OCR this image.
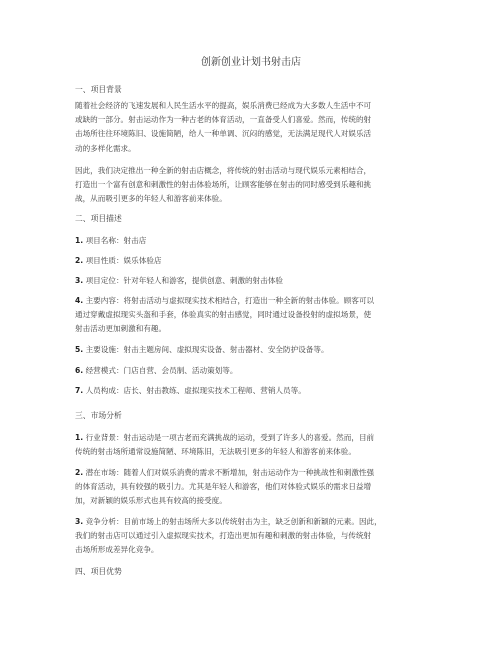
创新创业计划书射击店
一、项目背景
随着社会经济的飞速发展和人民生活水平的提高，娱乐消费已经成为大多数人生活中不可
或缺的一部分。射击运动作为一种古老的体育活动，一直备受人们喜爱。然而，传统的射
击场所往往环境陈旧、设施简陋，给人一种单调、沉闷的感觉，无法满足现代人对娱乐活
动的多样化需求。
因此，我们决定推出一种全新的射击店概念，将传统的射击活动与现代娱乐元素相结合，
打造出一个富有创意和刺激性的射击体验场所，让顾客能够在射击的同时感受到乐趣和挑
战，从而吸引更多的年轻人和游客前来体验。
二、项目描述
1. 项目名称：射击店
2. 项目性质：娱乐体验店
3. 项目定位：针对年轻人和游客，提供创意、刺激的射击体验
4. 主要内容：将射击活动与虚拟现实技术相结合，打造出一种全新的射击体验。顾客可以
通过穿戴虚拟现实头盔和手套，体验真实的射击感觉，同时通过设备投射的虚拟场景，使
射击活动更加刺激和有趣。
5. 主要设施：射击主题房间、虚拟现实设备、射击器材、安全防护设备等。
6. 经营模式：门店自营、会员制、活动策划等。
7. 人员构成：店长、射击教练、虚拟现实技术工程师、营销人员等。
三、市场分析
1. 行业背景：射击运动是一项古老而充满挑战的运动，受到了许多人的喜爱。然而，目前
传统的射击场所通常设施简陋、环境陈旧，无法吸引更多的年轻人和游客前来体验。
2. 潜在市场：随着人们对娱乐消费的需求不断增加，射击运动作为一种挑战性和刺激性强
的体育活动，具有较强的吸引力。尤其是年轻人和游客，他们对体验式娱乐的需求日益增
加，对新颖的娱乐形式也具有较高的接受度。
3. 竞争分析：目前市场上的射击场所大多以传统射击为主，缺乏创新和新颖的元素。因此，
我们的射击店可以通过引入虚拟现实技术，打造出更加有趣和刺激的射击体验，与传统射
击场所形成差异化竞争。
四、项目优势
